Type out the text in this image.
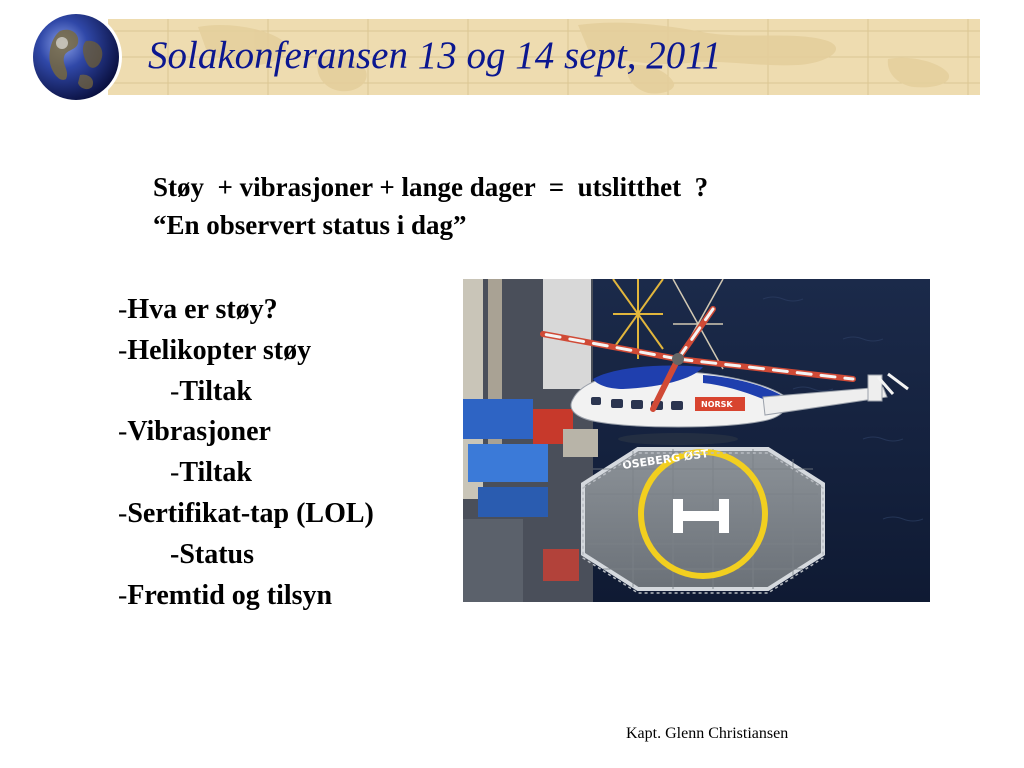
Solakonferansen 13 og 14 sept, 2011
Støy  + vibrasjoner + lange dager  =  utslitthet  ?
“En observert status i dag”
-Hva er støy?
-Helikopter støy
-Tiltak
-Vibrasjoner
-Tiltak
-Sertifikat-tap (LOL)
-Status
-Fremtid og tilsyn
OSEBERG ØST
NORSK
Kapt. Glenn Christiansen
